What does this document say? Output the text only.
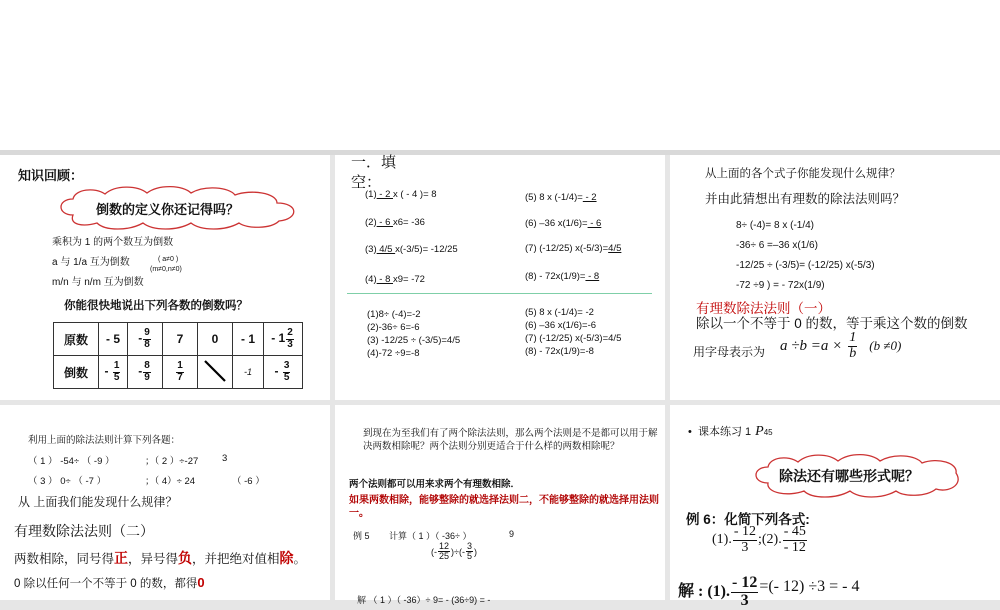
知识回顾：
倒数的定义你还记得吗？
乘积为 1 的两个数互为倒数
a 与 1/a 互为倒数	( a≠0 )
m/n 与 n/m 互为倒数
(m≠0,n≠0)
你能很快地说出下列各数的倒数吗？
原数	- 5	- $\frac{9}{8}$	7	0	- 1	- $1 \frac{2}{3}$

倒数	- $\frac{1}{5}$	- $\frac{8}{9}$	$\frac{1}{7}$		-1	- $\frac{3}{5}$
一．填空：
(1) - 2 x ( - 4 )= 8
(2) - 6 x6= -36
(3) 4/5 x(-3/5)= -12/25
(4) - 8 x9= -72
(5) 8 x (-1/4)= - 2
(6) –36 x(1/6)= - 6
(7) (-12/25) x(-5/3)=4/5
(8) - 72x(1/9)= - 8
(1)8÷ (-4)=-2
(2)-36÷ 6=-6
(3) -12/25 ÷ (-3/5)=4/5
(4)-72 ÷9=-8
(5) 8 x (-1/4)= -2
(6) –36 x(1/6)=-6
(7) (-12/25) x(-5/3)=4/5
(8) - 72x(1/9)=-8
从上面的各个式子你能发现什么规律？
并由此猜想出有理数的除法法则吗？
8÷ (-4)= 8 x (-1/4)
-36÷ 6 =–36 x(1/6)
-12/25 ÷ (-3/5)= (-12/25) x(-5/3)
-72 ÷9 ) = - 72x(1/9)
有理数除法法则（一）
除以一个不等于 0 的数，等于乘这个数的倒数
用字母表示为 $a \div b =a \times \frac{1}{b} (b \ne 0)$
利用上面的除法法则计算下列各题：
（ 1 ） -54÷ （ -9 ）	；（ 2 ）÷-27 3
（ 3 ） 0÷ （ -7 ）	；（ 4）÷ 24	（ -6 ）
从 上面我们能发现什么规律？
有理数除法法则（二）
两数相除，同号得正，异号得负，并把绝对值相除。
0 除以任何一个不等于 0 的数，都得0
到现在为至我们有了两个除法法则，那么两个法则是不是都可以用于解决两数相除呢？两个法则分别更适合于什么样的两数相除呢？
两个法则都可以用来求两个有理数相除．
如果两数相除，能够整除的就选择法则二，不能够整除的就选择用法则一。
例 5 计算（ 1 ）（ -36÷ ）	9
(- $\frac{12}{25}$ )÷(- $\frac{3}{5}$ )
解 （ 1 ）（ -36）÷ 9= - (36÷9) = -
• 课本练习 1 P 45
除法还有哪些形式呢？
例 6：化简下列各式:
(1). $\frac{- 12}{3}$ ;(2). $\frac{- 45}{- 12}$
解 : (1). $\frac{- 12}{3}$ =(- 12) ÷3 = - 4
